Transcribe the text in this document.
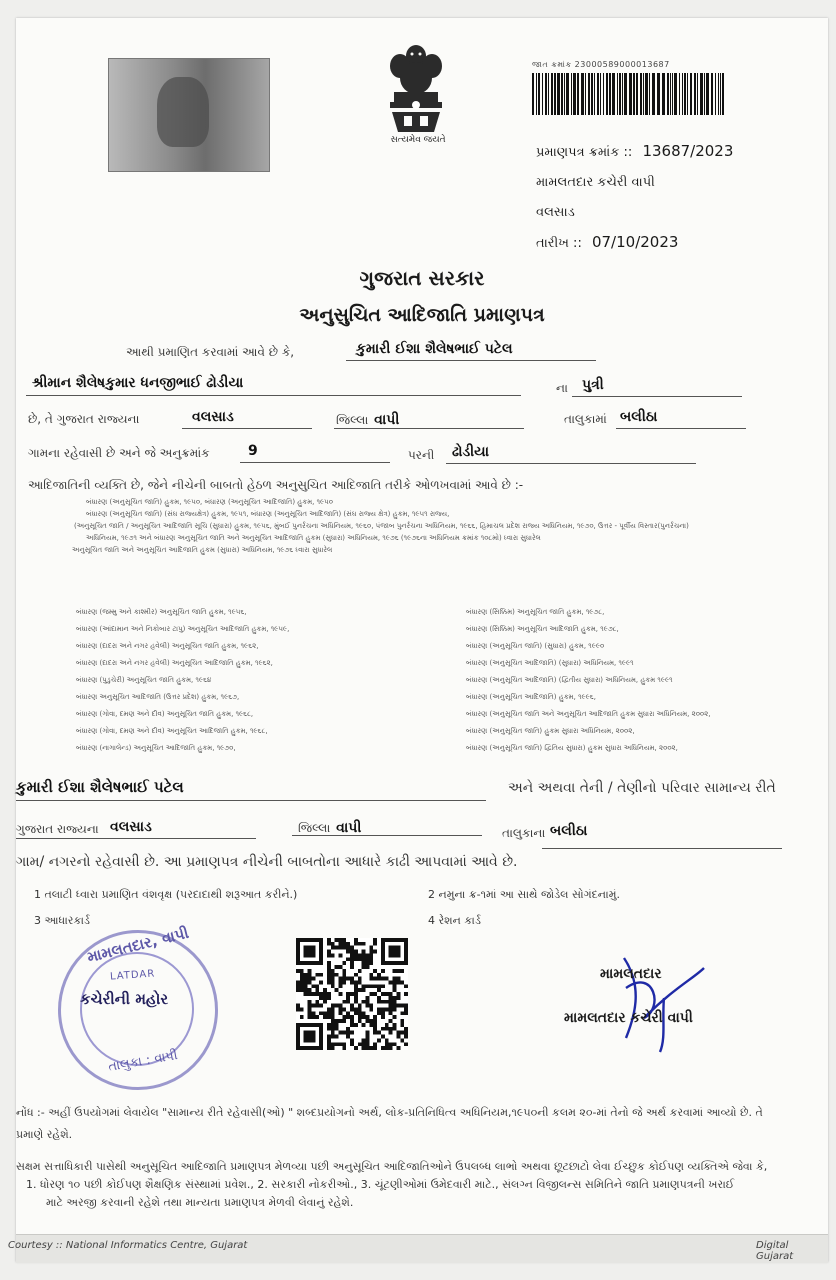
સત્યમેવ જયતે
જાત ક્રમાંક 23000589000013687
પ્રમાણપત્ર ક્રમાંક :: 13687/2023
મામલતદાર કચેરી વાપી
વલસાડ
તારીખ :: 07/10/2023
ગુજરાત સરકાર
અનુસુચિત આદિજાતિ પ્રમાણપત્ર
આથી પ્રમાણિત કરવામાં આવે છે કે,	કુમારી ઈશા શૈલેષભાઈ પટેલ
શ્રીમાન શૈલેષકુમાર ધનજીભાઈ ઢોડીયા	ના પુત્રી
છે, તે ગુજરાત રાજ્યના	વલસાડ	જિલ્લા વાપી	તાલુકામાં બલીઠા
ગામના રહેવાસી છે અને જે અનુક્રમાંક	9	પરની ઢોડીયા
આદિજાતિની વ્યક્તિ છે, જેને નીચેની બાબતો હેઠળ અનુસુચિત આદિજાતિ તરીકે ઓળખવામાં આવે છે :-
બંધારણ (અનુસૂચિત જાતિ) હુકમ, ૧૯૫૦, બંધારણ (અનુસૂચિત આદિજાતિ) હુકમ, ૧૯૫૦
બંધારણ (અનુસૂચિત જાતિ) (સંઘ રાજ્યક્ષેત્ર) હુકમ, ૧૯૫૧, બંધારણ (અનુસૂચિત આદિજાતિ) (સંઘ રાજ્ય ક્ષેત્ર) હુકમ, ૧૯૫૧ રાજ્ય,
(અનુસૂચિત જાતિ / અનુસૂચિત આદિજાતિ સૂચિ (સુધારા) હુકમ, ૧૯૫૬, મુંબઈ પુનર્રચના અધિનિયમ, ૧૯૬૦, પંજાબ પુનર્રચના અધિનિયમ, ૧૯૬૬, હિમાચલ પ્રદેશ રાજ્ય અધિનિયમ, ૧૯૭૦, ઉત્તર - પૂર્વીય વિસ્તાર(પુનર્રચના)
અધિનિયમ, ૧૯૭૧ અને બંધારણ અનુસૂચિત જાતિ અને અનુસૂચિત આદિજાતિ હુકમ (સુધારા) અધિનિયમ, ૧૯૭૬ (૧૯૭૬ના અધિનિયમ ક્રમાંક ૧૦૮મો) ધ્વારા સુધારેલ
અનુસૂચિત જાતિ અને અનુસૂચિત આદિજાતિ હુકમ (સુધારા) અધિનિયમ, ૧૯૭૬ ધ્વારા સુધારેલ
બંધારણ (જમ્મુ અને કાશ્મીર) અનુસૂચિત જાતિ હુકમ, ૧૯૫૬,
બંધારણ (આંદામાન અને નિકોબાર ટાપુ) અનુસૂચિત આદિજાતિ હુકમ, ૧૯૫૯,
બંધારણ (દાદરા અને નગર હવેલી) અનુસૂચિત જાતિ હુકમ, ૧૯૬૨,
બંધારણ (દાદરા અને નગર હવેલી) અનુસૂચિત આદિજાતિ હુકમ, ૧૯૬૨,
બંધારણ (પુડુચેરી) અનુસૂચિત જાતિ હુકમ, ૧૯૬૪
બંધારણ અનુસૂચિત આદિજાતિ (ઉત્તર પ્રદેશ) હુકમ, ૧૯૬૭,
બંધારણ (ગોવા, દમણ અને દીવ) અનુસૂચિત જાતિ હુકમ, ૧૯૬૮,
બંધારણ (ગોવા, દમણ અને દીવ) અનુસૂચિત આદિજાતિ હુકમ, ૧૯૬૮,
બંધારણ (નાગાલેન્ડ) અનુસૂચિત આદિજાતિ હુકમ, ૧૯૭૦,
બંધારણ (સિક્કિમ) અનુસૂચિત જાતિ હુકમ, ૧૯૭૮,
બંધારણ (સિક્કિમ) અનુસૂચિત આદિજાતિ હુકમ, ૧૯૭૮,
બંધારણ (અનુસૂચિત જાતિ) (સુધારા) હુકમ, ૧૯૯૦
બંધારણ (અનુસૂચિત આદિજાતિ) (સુધારા) અધિનિયમ, ૧૯૯૧
બંધારણ (અનુસૂચિત આદિજાતિ) (દ્વિતીય સુધારા) અધિનિયમ, હુકમ ૧૯૯૧
બંધારણ (અનુસૂચિત આદિજાતિ) હુકમ, ૧૯૯૬,
બંધારણ (અનુસૂચિત જાતિ અને અનુસૂચિત આદિજાતિ હુકમ સુધારા અધિનિયમ, ૨૦૦૨,
બંધારણ (અનુસૂચિત જાતિ) હુકમ સુધારા અધિનિયમ, ૨૦૦૨,
બંધારણ (અનુસૂચિત જાતિ) દ્વિતિય સુધારા) હુકમ સુધારા અધિનિયમ, ૨૦૦૨,
કુમારી ઈશા શૈલેષભાઈ પટેલ	અને અથવા તેની / તેણીનો પરિવાર સામાન્ય રીતે
ગુજરાત રાજ્યના વલસાડ	જિલ્લા વાપી	તાલુકાના બલીઠા
ગામ/ નગરનો રહેવાસી છે. આ પ્રમાણપત્ર નીચેની બાબતોના આધારે કાઢી આપવામાં આવે છે.
1 તલાટી ધ્વારા પ્રમાણિત વંશવૃક્ષ (પરદાદાથી શરૂઆત કરીને.)	2 નમુના ક્ર-૧માં આ સાથે જોડેલ સોગંદનામું.
3 આધારકાર્ડ	4 રેશન કાર્ડ
મામલતદાર, વાપી
LATDAR
કચેરીની મહોર
તાલુકા : વાપી
મામલતદાર
મામલતદાર કચેરી વાપી
નોંધ :- અહીં ઉપયોગમાં લેવાયેલ "સામાન્ય રીતે રહેવાસી(ઓ) " શબ્દપ્રયોગનો અર્થ, લોક-પ્રતિનિધિત્વ અધિનિયમ,૧૯૫૦ની કલમ ૨૦-માં તેનો જે અર્થ કરવામાં આવ્યો છે. તે
પ્રમાણે રહેશે.
સક્ષમ સત્તાધિકારી પાસેથી અનુસૂચિત આદિજાતિ પ્રમાણપત્ર મેળવ્યા પછી અનુસૂચિત આદિજાતિઓને ઉપલબ્ધ લાભો અથવા છૂટછાટો લેવા ઈચ્છુક કોઈપણ વ્યક્તિએ જેવા કે,
1. ધોરણ ૧૦ પછી કોઈપણ શૈક્ષણિક સંસ્થામાં પ્રવેશ., 2. સરકારી નોકરીઓ., 3. ચૂંટણીઓમાં ઉમેદવારી માટે., સંલગ્ન વિજીલન્સ સમિતિને જાતિ પ્રમાણપત્રની ખરાઈ
માટે અરજી કરવાની રહેશે તથા માન્યતા પ્રમાણપત્ર મેળવી લેવાનું રહેશે.
Courtesy :: National Informatics Centre, Gujarat	Digital Gujarat
